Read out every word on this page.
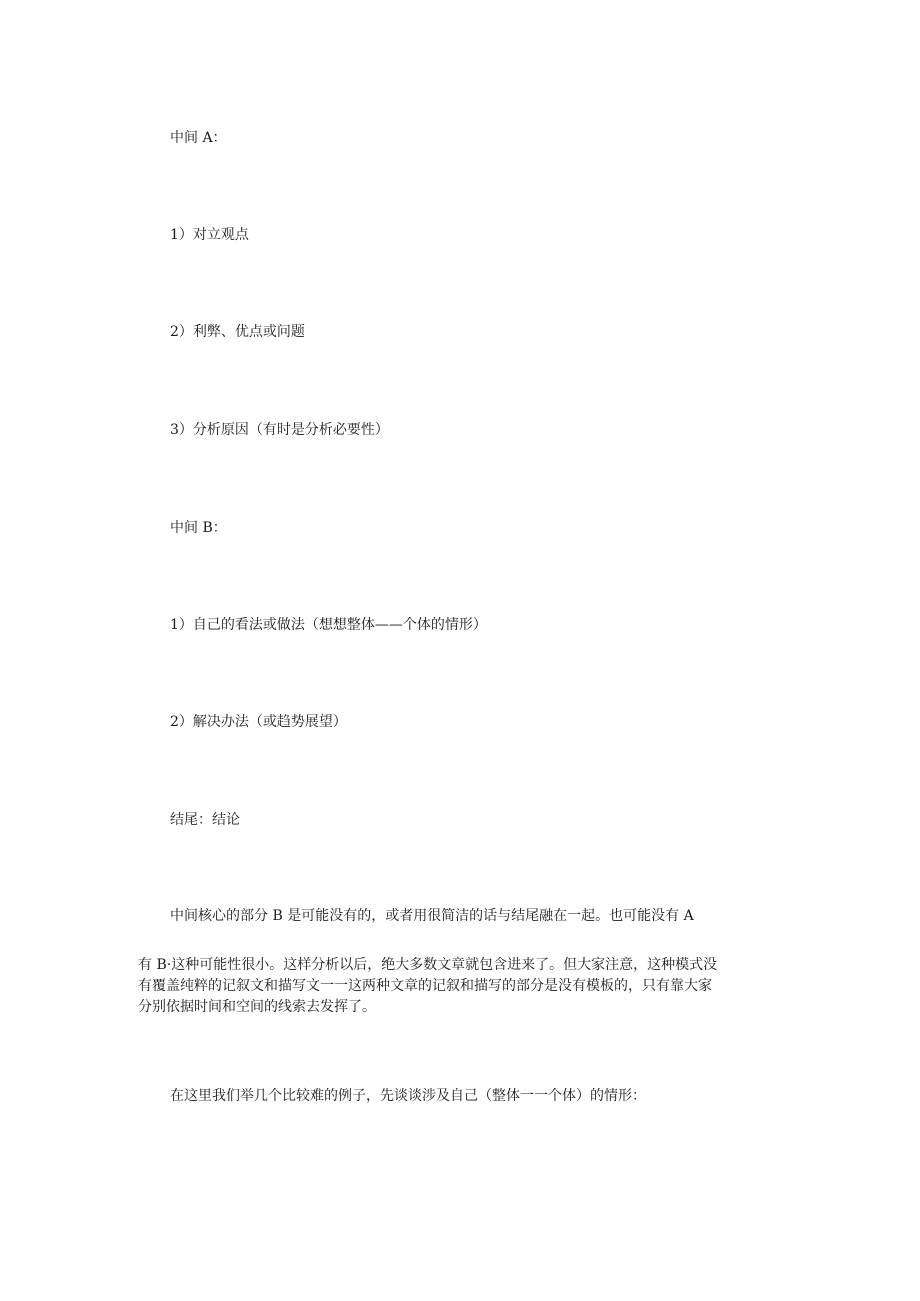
中间 A：
1）对立观点
2）利弊、优点或问题
3）分析原因（有时是分析必要性）
中间 B：
1）自己的看法或做法（想想整体——个体的情形）
2）解决办法（或趋势展望）
结尾：结论
中间核心的部分 B 是可能没有的，或者用很简洁的话与结尾融在一起。也可能没有 A
有 B·这种可能性很小。这样分析以后，绝大多数文章就包含进来了。但大家注意，这种模式没
有覆盖纯粹的记叙文和描写文一一这两种文章的记叙和描写的部分是没有模板的，只有靠大家
分别依据时间和空间的线索去发挥了。
在这里我们举几个比较难的例子，先谈谈涉及自己（整体一一个体）的情形：
